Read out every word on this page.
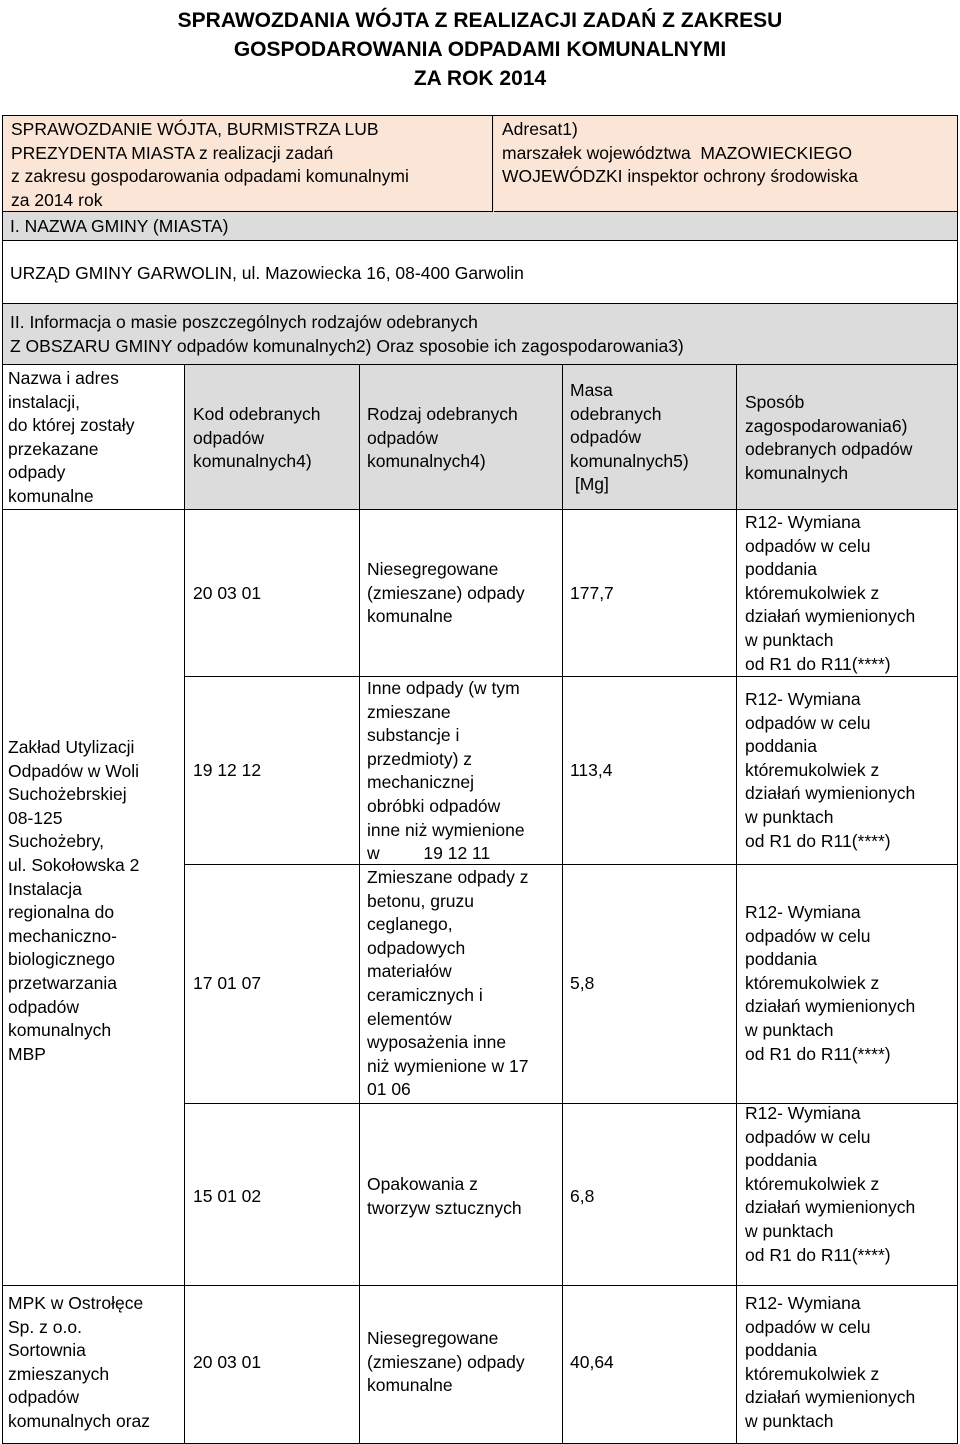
SPRAWOZDANIA WÓJTA Z REALIZACJI ZADAŃ Z ZAKRESU
GOSPODAROWANIA ODPADAMI KOMUNALNYMI
ZA ROK 2014
SPRAWOZDANIE WÓJTA, BURMISTRZA LUB
PREZYDENTA MIASTA z realizacji zadań
z zakresu gospodarowania odpadami komunalnymi
za 2014 rok
I. NAZWA GMINY (MIASTA)
Adresat1)
marszałek województwa  MAZOWIECKIEGO
WOJEWÓDZKI inspektor ochrony środowiska
URZĄD GMINY GARWOLIN, ul. Mazowiecka 16, 08-400 Garwolin
II. Informacja o masie poszczególnych rodzajów odebranych
Z OBSZARU GMINY odpadów komunalnych2) Oraz sposobie ich zagospodarowania3)
Nazwa i adres
instalacji,
do której zostały
przekazane
odpady
komunalne
Kod odebranych
odpadów
komunalnych4)
Rodzaj odebranych
odpadów
komunalnych4)
Masa
odebranych
odpadów
komunalnych5)
[Mg]
Sposób
zagospodarowania6)
odebranych odpadów
komunalnych
Zakład Utylizacji
Odpadów w Woli
Suchożebrskiej
08-125
Suchożebry,
ul. Sokołowska 2
Instalacja
regionalna do
mechaniczno-
biologicznego
przetwarzania
odpadów
komunalnych
MBP
20 03 01
Niesegregowane
(zmieszane) odpady
komunalne
177,7
R12- Wymiana
odpadów w celu
poddania
któremukolwiek z
działań wymienionych
w punktach
od R1 do R11(****)
19 12 12
Inne odpady (w tym
zmieszane
substancje i
przedmioty) z
mechanicznej
obróbki odpadów
inne niż wymienione
w         19 12 11
113,4
R12- Wymiana
odpadów w celu
poddania
któremukolwiek z
działań wymienionych
w punktach
od R1 do R11(****)
17 01 07
Zmieszane odpady z
betonu, gruzu
ceglanego,
odpadowych
materiałów
ceramicznych i
elementów
wyposażenia inne
niż wymienione w 17
01 06
5,8
R12- Wymiana
odpadów w celu
poddania
któremukolwiek z
działań wymienionych
w punktach
od R1 do R11(****)
15 01 02
Opakowania z
tworzyw sztucznych
6,8
R12- Wymiana
odpadów w celu
poddania
któremukolwiek z
działań wymienionych
w punktach
od R1 do R11(****)
MPK w Ostrołęce
Sp. z o.o.
Sortownia
zmieszanych
odpadów
komunalnych oraz
20 03 01
Niesegregowane
(zmieszane) odpady
komunalne
40,64
R12- Wymiana
odpadów w celu
poddania
któremukolwiek z
działań wymienionych
w punktach
